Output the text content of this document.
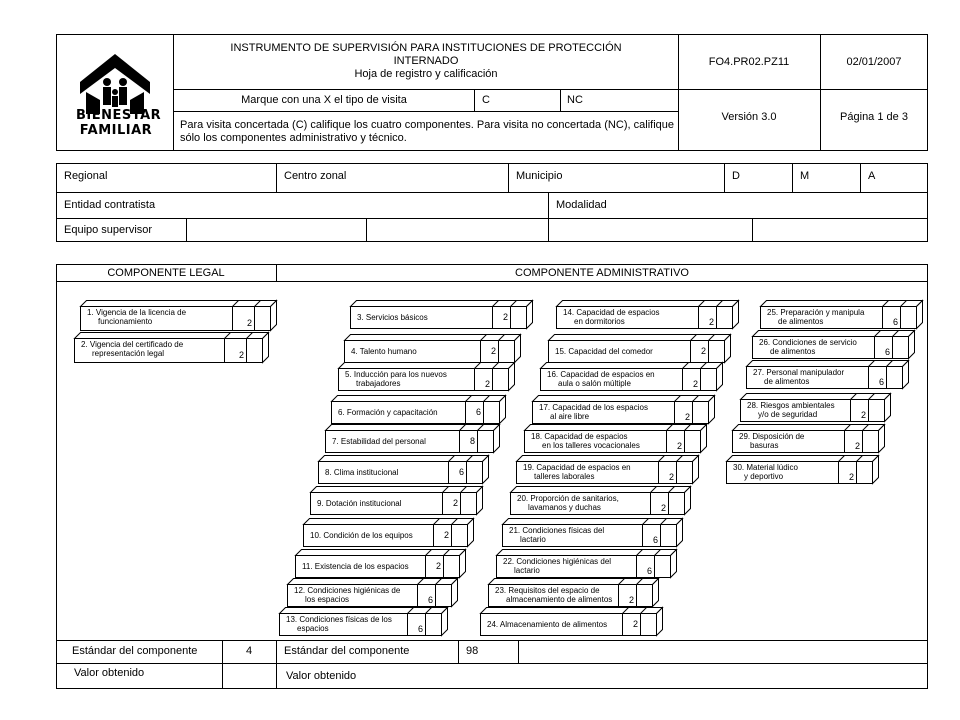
BIENESTAR
FAMILIAR
INSTRUMENTO DE SUPERVISIÓN PARA INSTITUCIONES DE PROTECCIÓN
INTERNADO
Hoja de registro y calificación
FO4.PR02.PZ11	02/01/2007
Marque con una X el tipo de visita	C	NC
Versión 3.0	Página 1 de 3
Para visita concertada (C) califique los cuatro componentes. Para visita no concertada (NC), califique sólo los componentes administrativo y técnico.
Regional	Centro zonal	Municipio	D	M	A
Entidad contratista	Modalidad
Equipo supervisor
COMPONENTE LEGAL	COMPONENTE ADMINISTRATIVO
1. Vigencia de la licencia de
funcionamiento	2
2. Vigencia del certificado de
representación legal	2
3. Servicios básicos	2
4. Talento humano	2
5. Inducción para los nuevos
trabajadores	2
6. Formación y capacitación	6
7. Estabilidad del personal	8
8. Clima institucional	6
9. Dotación institucional	2
10. Condición de los equipos	2
11. Existencia de los espacios	2
12. Condiciones higiénicas de
los espacios	6
13. Condiciones físicas de los
espacios	6
14. Capacidad de espacios
en dormitorios	2
15. Capacidad del comedor	2
16. Capacidad de espacios en
aula o salón múltiple	2
17. Capacidad de los espacios
al aire libre	2
18. Capacidad de espacios
en los talleres vocacionales	2
19. Capacidad de espacios en
talleres laborales	2
20. Proporción de sanitarios,
lavamanos y duchas	2
21. Condiciones físicas del
lactario	6
22. Condiciones higiénicas del
lactario	6
23. Requisitos del espacio de
almacenamiento de alimentos	2
24. Almacenamiento de alimentos	2
25. Preparación y manipula
de alimentos	6
26. Condiciones de servicio
de alimentos	6
27. Personal manipulador
de alimentos	6
28. Riesgos ambientales
y/o de seguridad	2
29. Disposición de
basuras	2
30. Material lúdico
y deportivo	2
Estándar del componente	4	Estándar del componente	98
Valor obtenido	Valor obtenido
